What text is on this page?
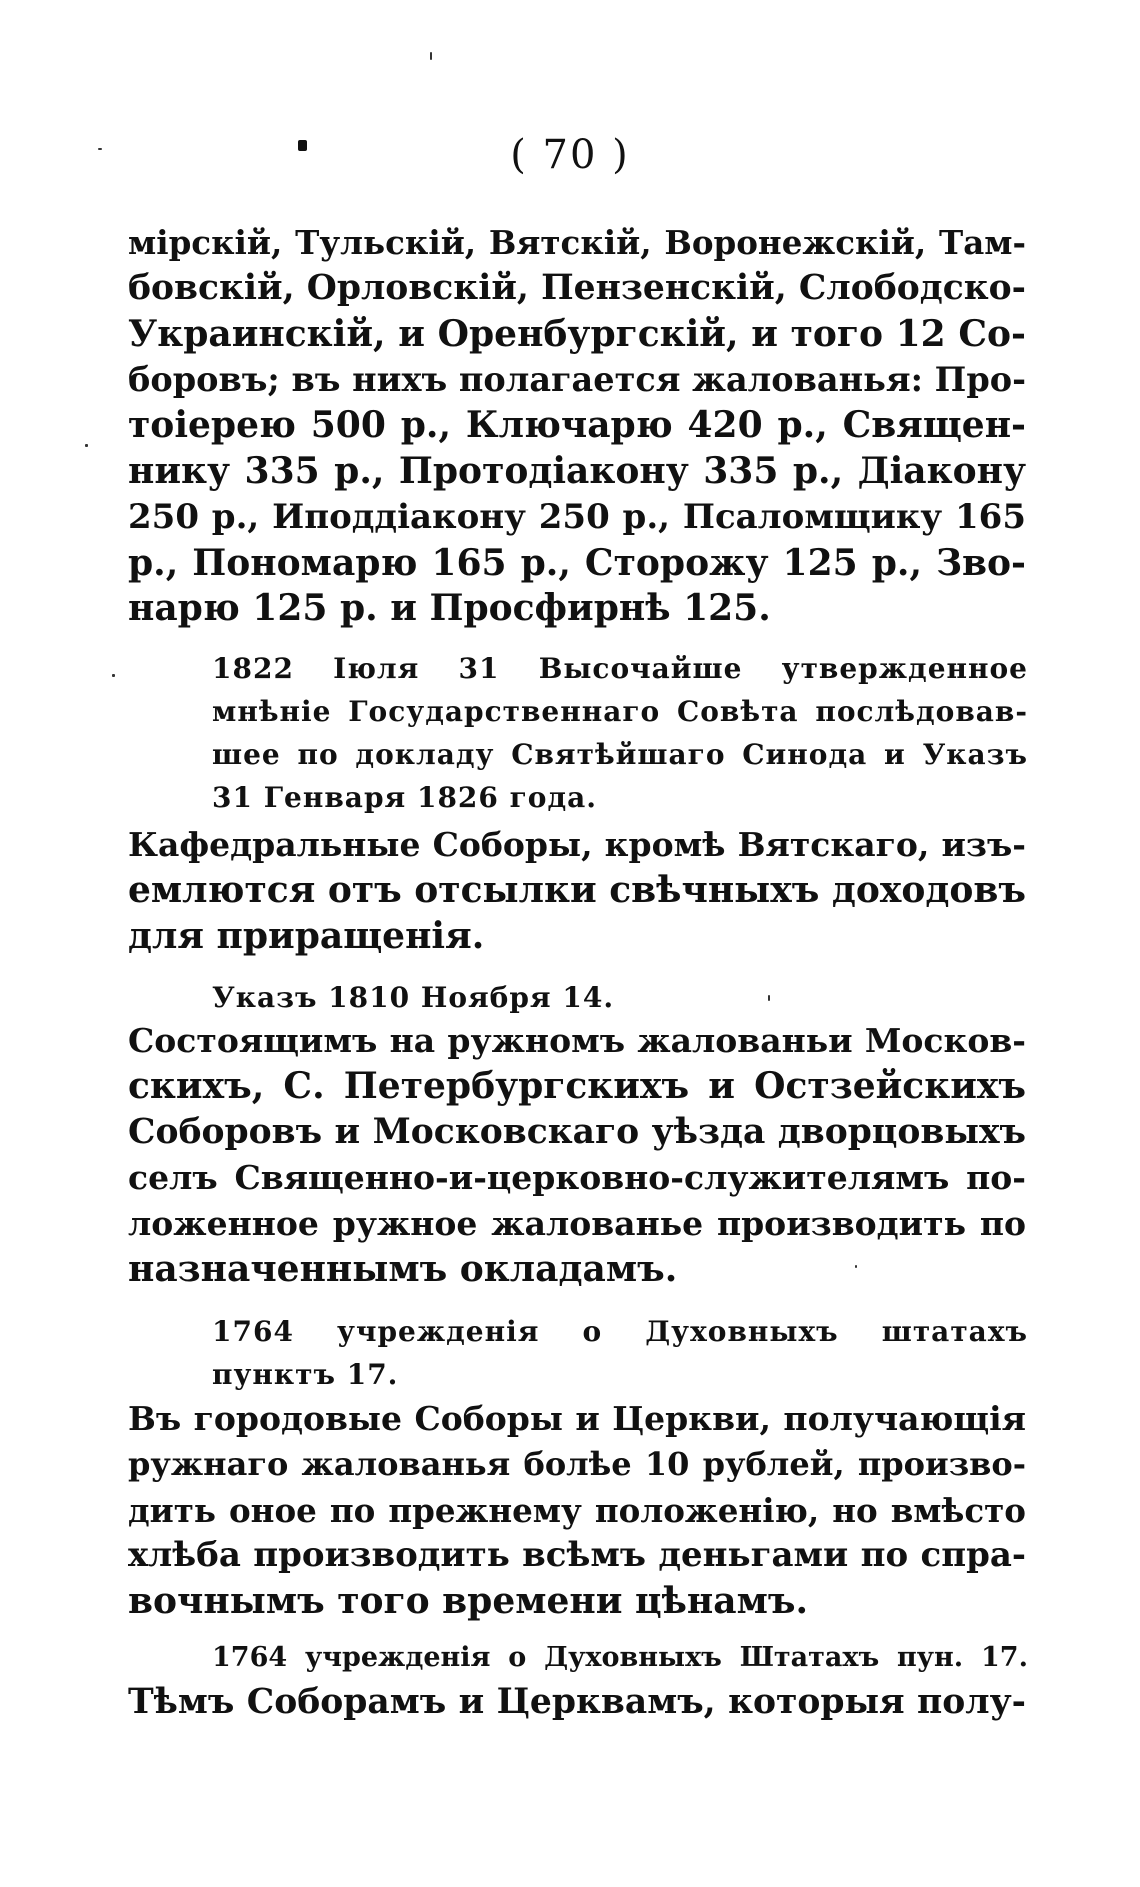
( 70 )
мірскій, Тульскій, Вятскій, Воронежскій, Там-
бовскій, Орловскій, Пензенскій, Слободско-
Украинскій, и Оренбургскій, и того 12 Со-
боровъ; въ нихъ полагается жалованья: Про-
тоіерею 500 р., Ключарю 420 р., Священ-
нику 335 р., Протодіакону 335 р., Діакону
250 р., Иподдіакону 250 р., Псаломщику 165
р., Пономарю 165 р., Сторожу 125 р., Зво-
нарю 125 р. и Просфирнѣ 125.
1822 Іюля 31 Высочайше утвержденное
мнѣніе Государственнаго Совѣта послѣдовав-
шее по докладу Святѣйшаго Синода и Указъ
31 Генваря 1826 года.
Кафедральные Соборы, кромѣ Вятскаго, изъ-
емлются отъ отсылки свѣчныхъ доходовъ
для приращенія.
Указъ 1810 Ноября 14.
Состоящимъ на ружномъ жалованьи Москов-
скихъ, С. Петербургскихъ и Остзейскихъ
Соборовъ и Московскаго уѣзда дворцовыхъ
селъ Священно-и-церковно-служителямъ по-
ложенное ружное жалованье производить по
назначеннымъ окладамъ.
1764 учрежденія о Духовныхъ штатахъ
пунктъ 17.
Въ городовые Соборы и Церкви, получающія
ружнаго жалованья болѣе 10 рублей, произво-
дить оное по прежнему положенію, но вмѣсто
хлѣба производить всѣмъ деньгами по спра-
вочнымъ того времени цѣнамъ.
1764 учрежденія о Духовныхъ Штатахъ пун. 17.
Тѣмъ Соборамъ и Церквамъ, которыя полу-
